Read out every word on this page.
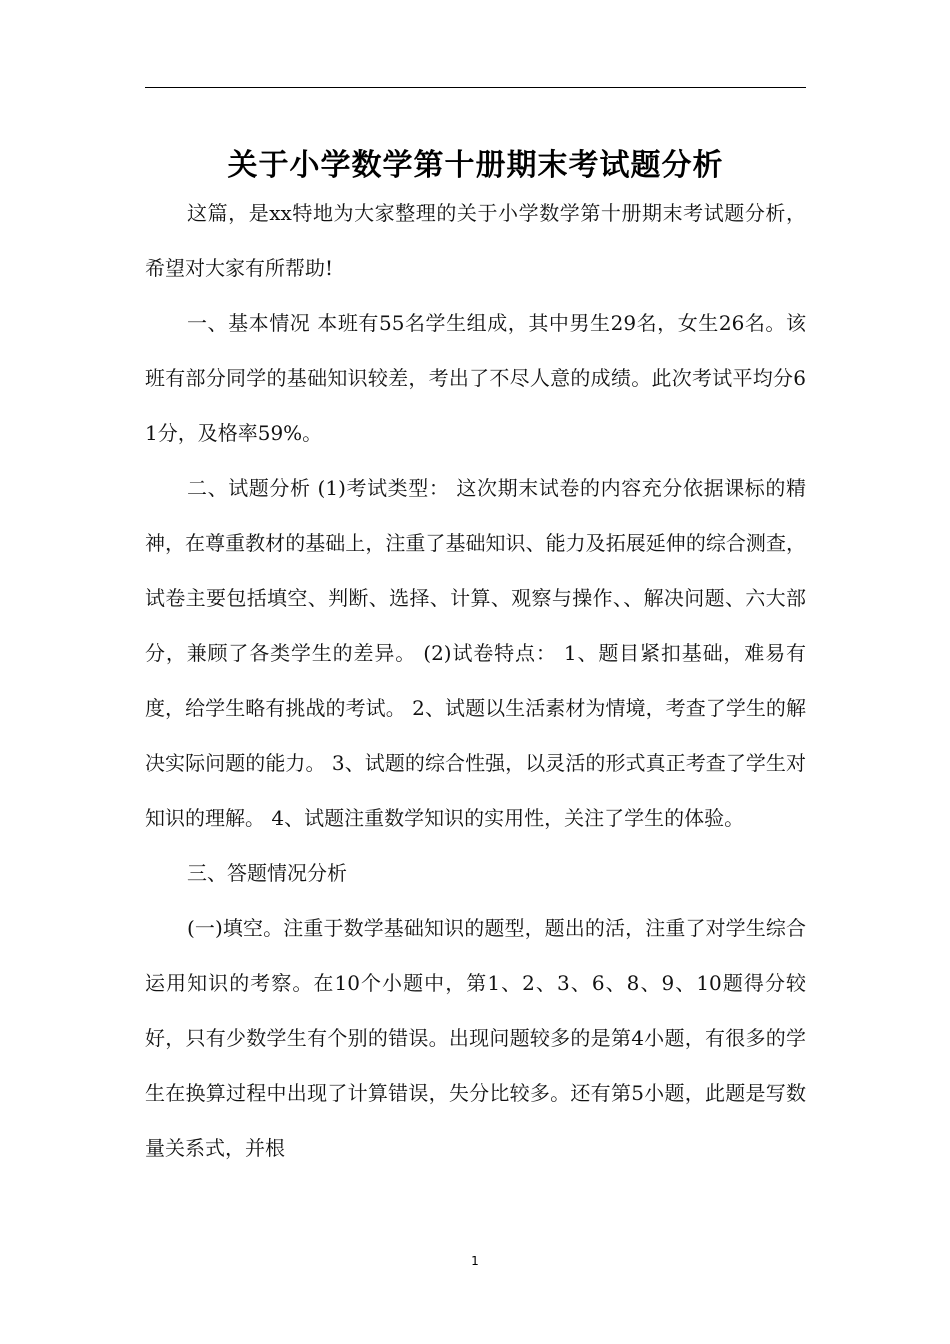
关于小学数学第十册期末考试题分析

这篇，是xx特地为大家整理的关于小学数学第十册期末考试题分析，希望对大家有所帮助!

一、基本情况 本班有55名学生组成，其中男生29名，女生26名。该班有部分同学的基础知识较差，考出了不尽人意的成绩。此次考试平均分61分，及格率59%。

二、试题分析 (1)考试类型： 这次期末试卷的内容充分依据课标的精神，在尊重教材的基础上，注重了基础知识、能力及拓展延伸的综合测查，试卷主要包括填空、判断、选择、计算、观察与操作、、解决问题、六大部分，兼顾了各类学生的差异。 (2)试卷特点： 1、题目紧扣基础，难易有度，给学生略有挑战的考试。 2、试题以生活素材为情境，考查了学生的解决实际问题的能力。 3、试题的综合性强，以灵活的形式真正考查了学生对知识的理解。 4、试题注重数学知识的实用性，关注了学生的体验。

三、答题情况分析

(一)填空。注重于数学基础知识的题型，题出的活，注重了对学生综合运用知识的考察。在10个小题中，第1、2、3、6、8、9、10题得分较好，只有少数学生有个别的错误。出现问题较多的是第4小题，有很多的学生在换算过程中出现了计算错误，失分比较多。还有第5小题，此题是写数量关系式，并根

1
